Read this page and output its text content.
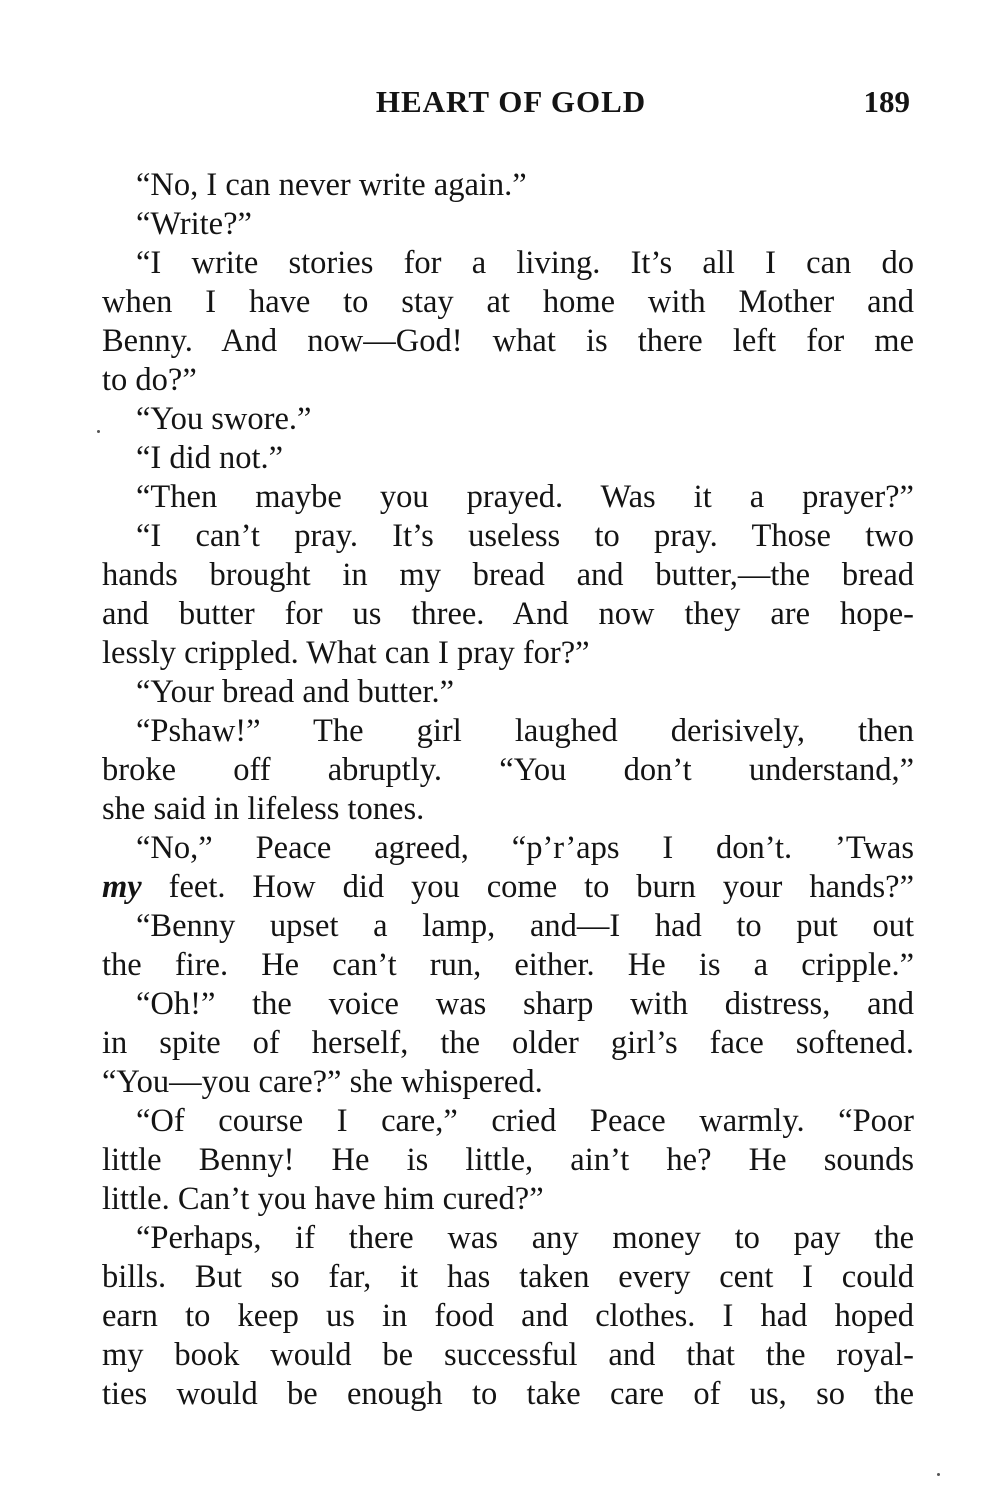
HEART OF GOLD	189
“No, I can never write again.”
“Write?”
“I write stories for a living. It’s all I can do
when I have to stay at home with Mother and
Benny. And now—God! what is there left for me
to do?”
“You swore.”
“I did not.”
“Then maybe you prayed. Was it a prayer?”
“I can’t pray. It’s useless to pray. Those two
hands brought in my bread and butter,—the bread
and butter for us three. And now they are hope-
lessly crippled. What can I pray for?”
“Your bread and butter.”
“Pshaw!” The girl laughed derisively, then
broke off abruptly. “You don’t understand,”
she said in lifeless tones.
“No,” Peace agreed, “p’r’aps I don’t. ’Twas
my feet. How did you come to burn your hands?”
“Benny upset a lamp, and—I had to put out
the fire. He can’t run, either. He is a cripple.”
“Oh!” the voice was sharp with distress, and
in spite of herself, the older girl’s face softened.
“You—you care?” she whispered.
“Of course I care,” cried Peace warmly. “Poor
little Benny! He is little, ain’t he? He sounds
little. Can’t you have him cured?”
“Perhaps, if there was any money to pay the
bills. But so far, it has taken every cent I could
earn to keep us in food and clothes. I had hoped
my book would be successful and that the royal-
ties would be enough to take care of us, so the
